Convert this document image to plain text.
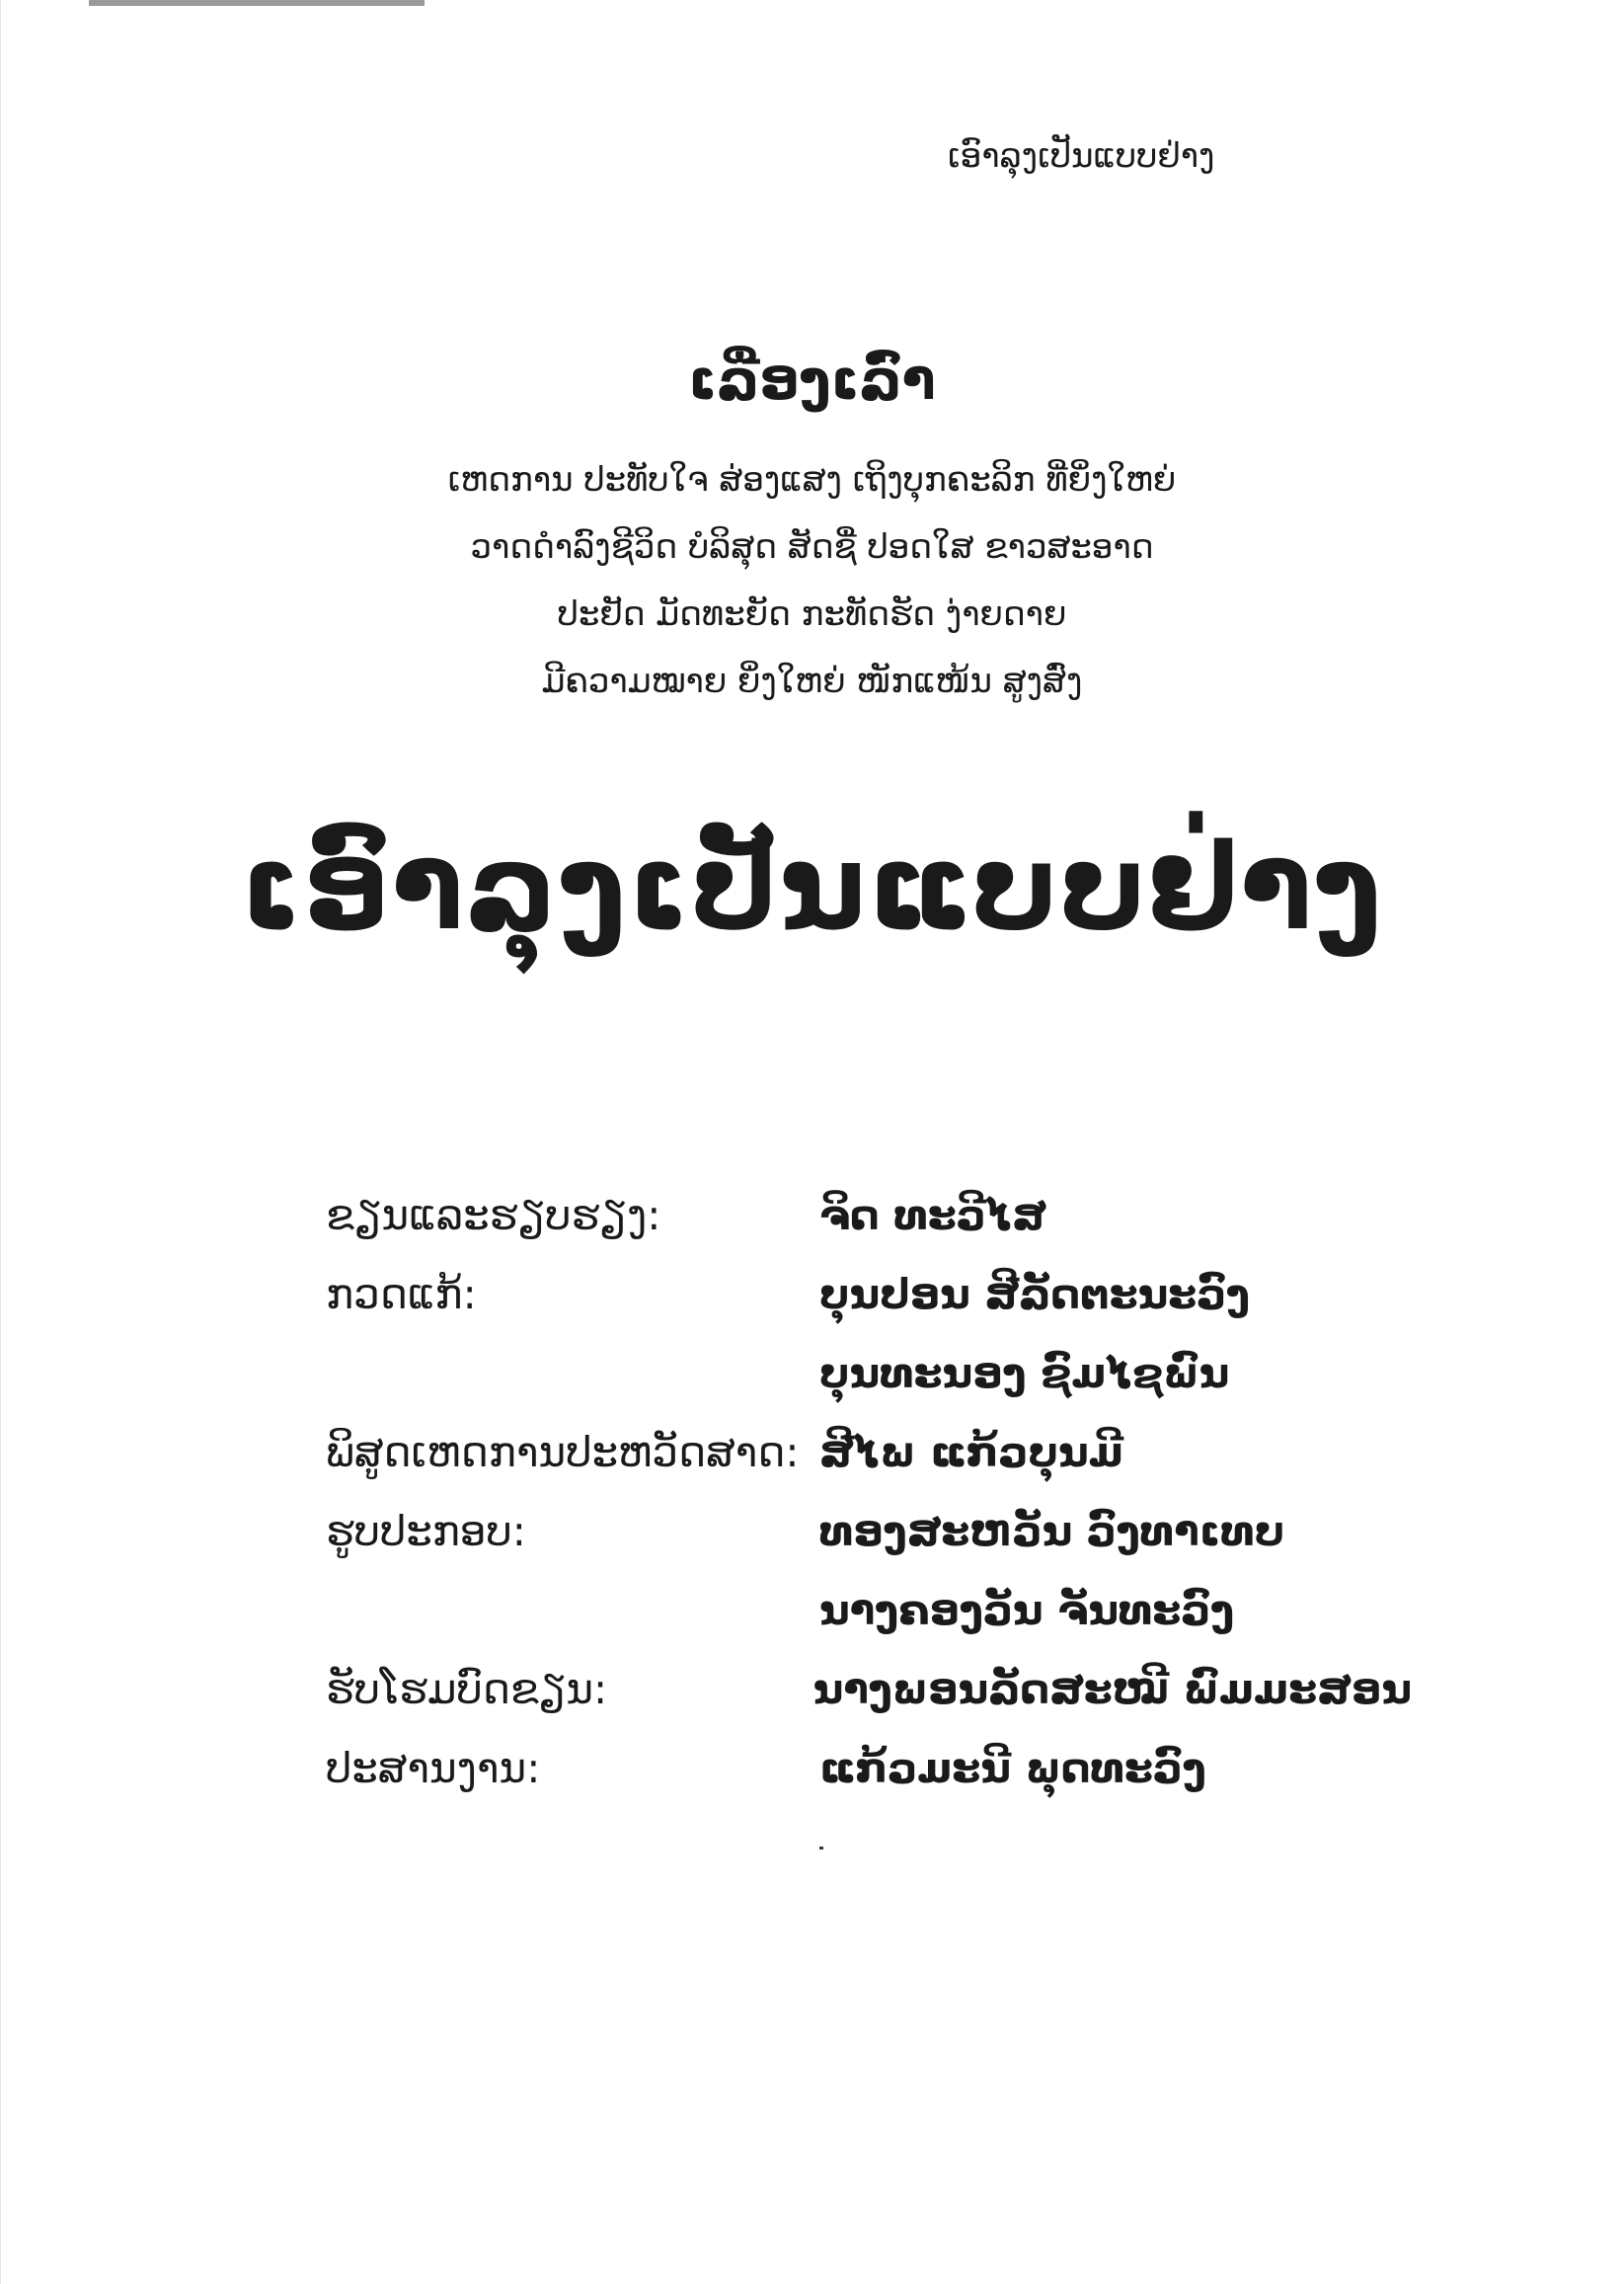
ເອົາລຸງເປັນແບບຢ່າງ
ເລື່ອງເລົ່າ
ເຫດການ ປະທັບໃຈ ສ່ອງແສງ ເຖິງບຸກຄະລິກ ທີ່ຍິ່ງໃຫຍ່
ວາດດຳລົງຊີວິດ ບໍລິສຸດ ສັດຊື່ ປອດໃສ ຂາວສະອາດ
ປະຢັດ ມັດທະຍັດ ກະທັດຮັດ ງ່າຍດາຍ
ມີຄວາມໝາຍ ຍິ່ງໃຫຍ່ ໜັກແໜ້ນ ສູງສົ່ງ
ເອົາລຸງເປັນແບບຢ່າງ
ຂຽນແລະຮຽບຮຽງ:	ຈິດ ທະວີໄສ
ກວດແກ້:	ບຸນປອນ ສີລັດຕະນະວົງ
ບຸນທະນອງ ຊົມໄຊພົນ
ພິສູດເຫດການປະຫວັດສາດ: ສີໄພ ແກ້ວບຸນມີ
ຮູບປະກອບ:	ທອງສະຫວັນ ວົງທາເທບ
ນາງຄອງວັນ ຈັນທະວົງ
ຮັບໂຮມບົດຂຽນ:	ນາງພອນລັດສະໝີ ພົມມະສອນ
ປະສານງານ:	ແກ້ວມະນີ ພຸດທະວົງ
